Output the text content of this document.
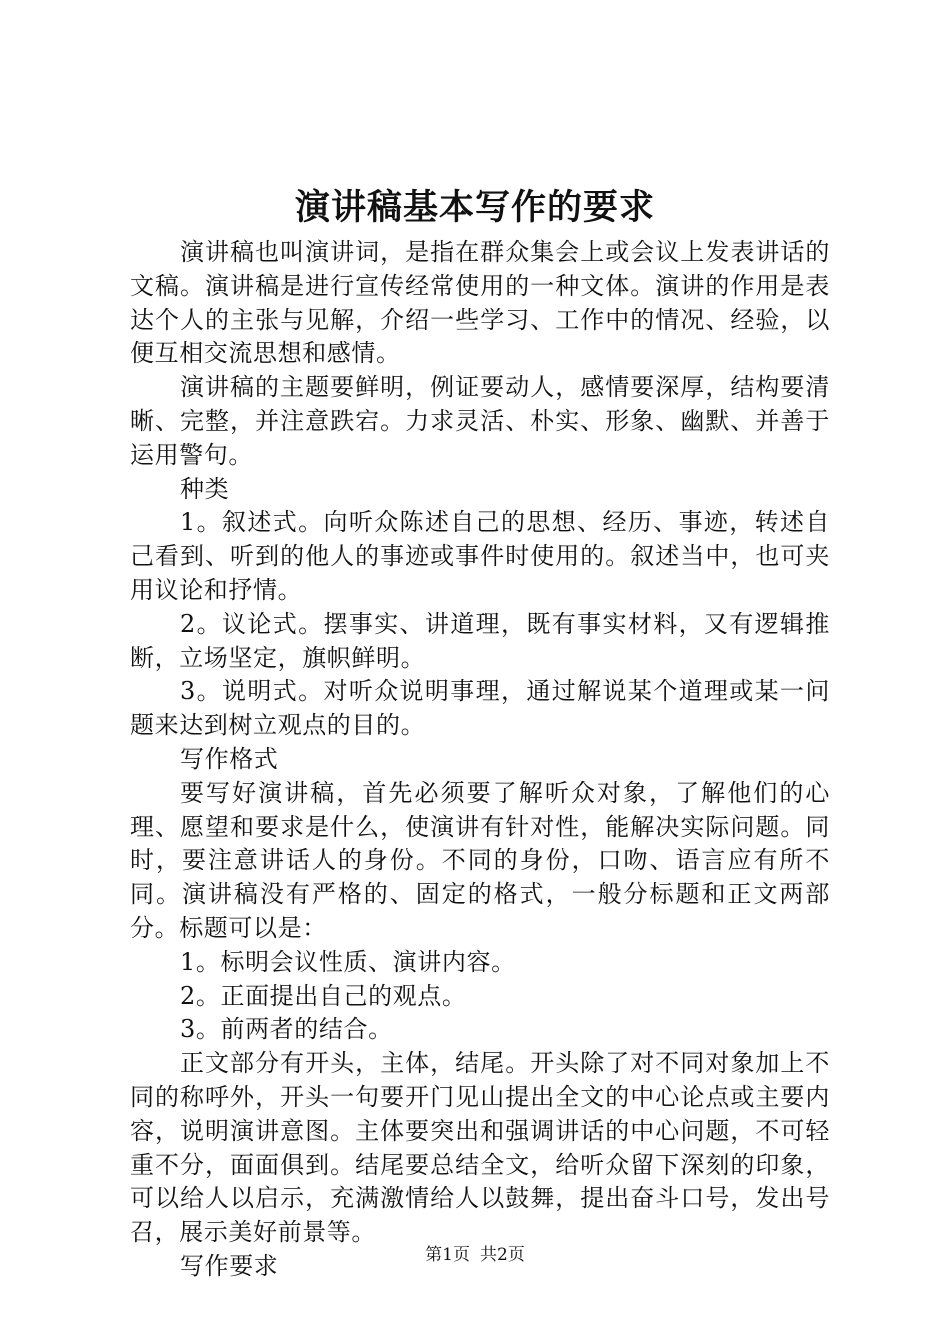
演讲稿基本写作的要求

演讲稿也叫演讲词，是指在群众集会上或会议上发表讲话的文稿。演讲稿是进行宣传经常使用的一种文体。演讲的作用是表达个人的主张与见解，介绍一些学习、工作中的情况、经验，以便互相交流思想和感情。

演讲稿的主题要鲜明，例证要动人，感情要深厚，结构要清晰、完整，并注意跌宕。力求灵活、朴实、形象、幽默、并善于运用警句。

种类

1。叙述式。向听众陈述自己的思想、经历、事迹，转述自己看到、听到的他人的事迹或事件时使用的。叙述当中，也可夹用议论和抒情。

2。议论式。摆事实、讲道理，既有事实材料，又有逻辑推断，立场坚定，旗帜鲜明。

3。说明式。对听众说明事理，通过解说某个道理或某一问题来达到树立观点的目的。

写作格式

要写好演讲稿，首先必须要了解听众对象，了解他们的心理、愿望和要求是什么，使演讲有针对性，能解决实际问题。同时，要注意讲话人的身份。不同的身份，口吻、语言应有所不同。演讲稿没有严格的、固定的格式，一般分标题和正文两部分。标题可以是：

1。标明会议性质、演讲内容。

2。正面提出自己的观点。

3。前两者的结合。

正文部分有开头，主体，结尾。开头除了对不同对象加上不同的称呼外，开头一句要开门见山提出全文的中心论点或主要内容，说明演讲意图。主体要突出和强调讲话的中心问题，不可轻重不分，面面俱到。结尾要总结全文，给听众留下深刻的印象，可以给人以启示，充满激情给人以鼓舞，提出奋斗口号，发出号召，展示美好前景等。

写作要求	第1页 共2页
